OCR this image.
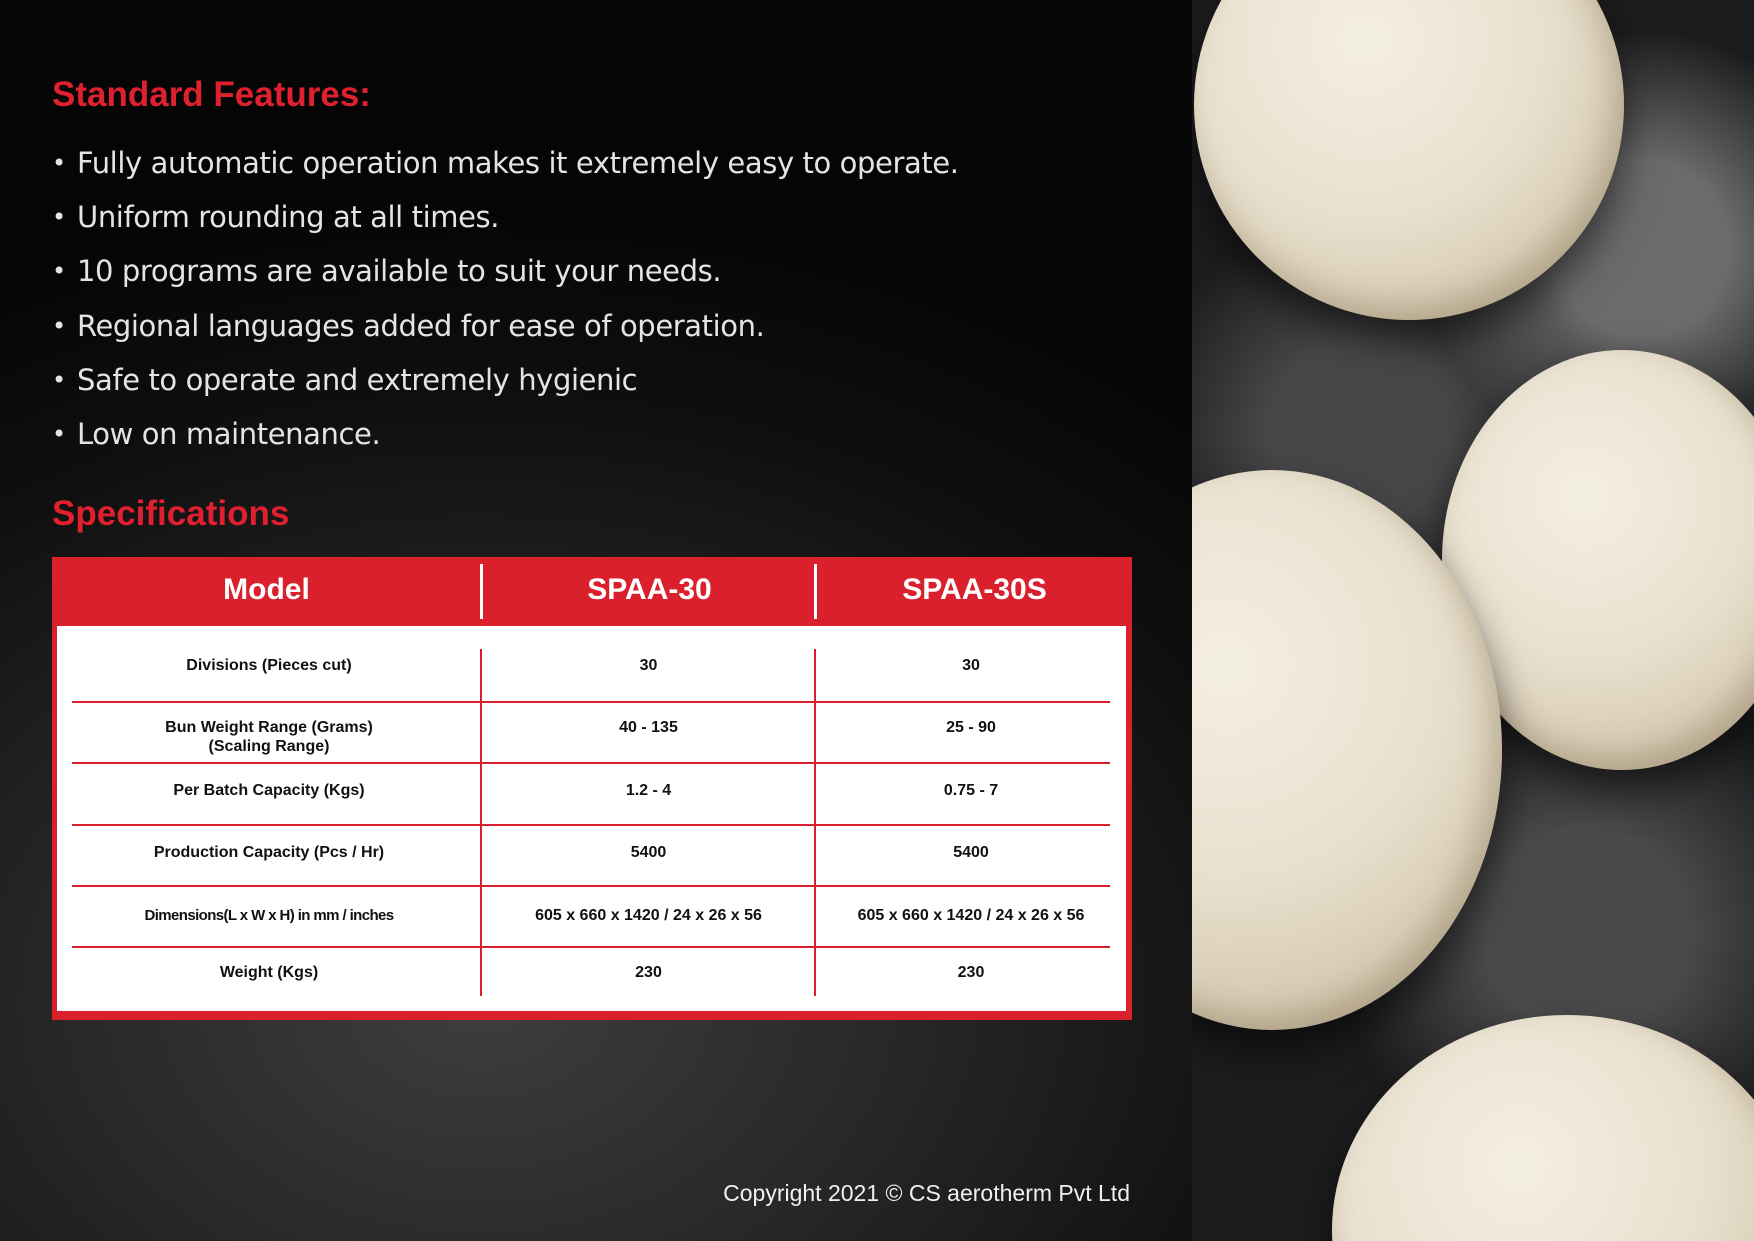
Standard Features:
• Fully automatic operation makes it extremely easy to operate.
• Uniform rounding at all times.
• 10 programs are available to suit your needs.
• Regional languages added for ease of operation.
• Safe to operate and extremely hygienic
• Low on maintenance.
Specifications
Model	SPAA-30	SPAA-30S
Divisions (Pieces cut)	30	30
Bun Weight Range (Grams)
(Scaling Range)
40 - 135	25 - 90
Per Batch Capacity (Kgs)	1.2 - 4	0.75 - 7
Production Capacity (Pcs / Hr)	5400	5400
Dimensions(L x W x H) in mm / inches	605 x 660 x 1420 / 24 x 26 x 56	605 x 660 x 1420 / 24 x 26 x 56
Weight (Kgs)	230	230
Copyright 2021 © CS aerotherm Pvt Ltd
